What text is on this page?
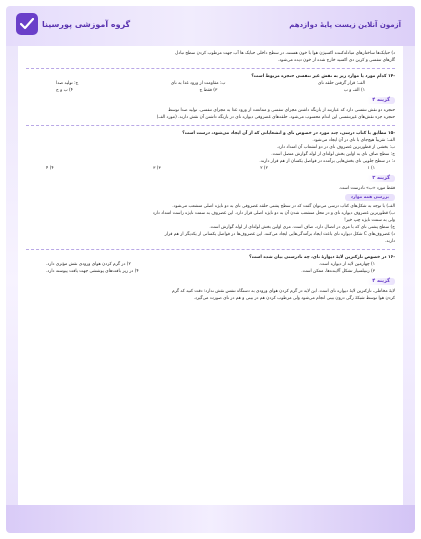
گروه آموزشی پورسینا	آزمون آنلاین زیست پایهٔ دوازدهم
د) حبابک‌ها ساختارهای مبادله‌کننده اکسیژن هوا با خون هستند، در سطح داخلی حبابک ها آب جهت مرطوب کردن سطح تبادل
گازهای تنفسی و کربن دی اکسید خارج شده از خون دیده می‌شود.
-۱۴ کدام مورد یا موارد زیر به نقش غیر تنفسی حنجره مربوط است؟
الف: قرار گرفتن حلقه نای
ب: مقاومت از ورود غذا به نای
ج: تولید صدا
۱) الف و ب
۳) فقط ج
۴) ب و ج
گزینه ۴
حنجره دو نقش تنفسی دارد که عبارتند از بازنگه داشتن مجرای تنفسی و ممانعت از ورود غذا به مجرای تنفسی. تولید صدا توسط
حنجره جزء نقش‌های غیرتنفسی این اندام محسوب می‌شود. حلقه‌های غضروفی دیواره نای در بازنگه داشتن آن نقش دارند. (مورد الف)
-۱۵ مطابق با کتاب درسی، چند مورد در خصوص نای و انشعاباتی که از آن ایجاد می‌شود، درست است؟
الف: تقریباً هیچ‌جای با نای در آن ایجاد می‌شود.
ب: بخشی از قطورترین غضروف نای در دو انشعاب آن امتداد دارد.
ج: سطح صاف نای به اولین بخش لوله‌ای از لوله گوارش متصل است.
د: در سطح جلویی نای بخش‌هایی برآمده در فواصل یکسان از هم قرار دارند.
۱) ۱
۲) ۲
۳) ۳
۴) ۴
گزینه ۳
فقط مورد «ب» نادرست است.
بررسی همه موارد
الف) با توجه به شکل‌های کتاب درسی می‌توان گفت که در سطح پشتی حلقه غضروفی نای به دو نایژه اصلی منشعب می‌شود.
ب) قطورترین غضروف دیواره نای و در محل منشعب شدن آن به دو نایژه اصلی قرار دارد. این غضروف به سمت نایژه راست امتداد دارد
ولی به سمت نایژه چپ خیر!
ج) سطح پشتی نای که با مری در اتصال دارد، صاف است. مری اولین بخش لوله‌ای از لوله گوارش است.
د) غضروف‌های C شکل دیواره نای باعث ایجاد برآمدگی‌هایی ایجاد می‌کنند. این غضروف‌ها در فواصل یکسانی از یکدیگر از هم قرار
دارند.
-۱۶ در خصوص نازکترین لایهٔ دیوارهٔ نای، چه نادرستی بیان شده است؟
۱) چهارمین لایه از دیواره است.
۲) در گرم کردن هوای ورودی نقش مؤثری دارد.
۳) زنبیلسیار تشکل آلاینده‌ها، ممکن است.
۴) در زیر بافت‌های پوششی جهت یافت پیوسته دارد.
گزینه ۴
لایهٔ مخاطی، نازکترین لایهٔ دیواره نای است. این لایه در گرم کردن هوای ورودی به دستگاه تنفس نقش ندارد؛ دقت کنید که گرم
کردن هوا توسط شبکهٔ رگی درون بینی انجام می‌شود ولی مرطوب کردن هم در بینی و هم در نای صورت می‌گیرد.
